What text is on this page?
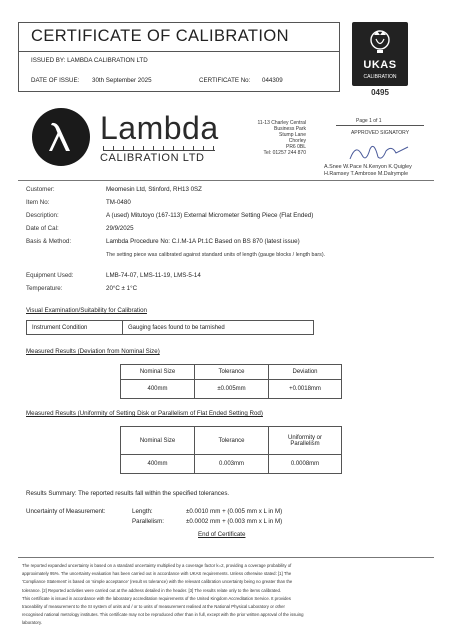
CERTIFICATE OF CALIBRATION
ISSUED BY: LAMBDA CALIBRATION LTD
DATE OF ISSUE: 30th September 2025	CERTIFICATE No: 044309
UKAS
CALIBRATION
0495
Lambda
CALIBRATION LTD
11-13 Charley Central
Business Park
Stump Lane
Chorley
PR6 0BL
Tel: 01257 244 870
Page 1 of 1
APPROVED SIGNATORY
A.Snee W.Pace N.Kenyon K.Quigley
H.Ramsey T.Ambrose M.Dalrymple
Customer:	Meomesin Ltd, Stinford, RH13 0SZ
Item No:	TM-0480
Description:	A (used) Mitutoyo (167-113) External Micrometer Setting Piece (Flat Ended)
Date of Cal:	29/9/2025
Basis & Method:	Lambda Procedure No: C.I.M-1A Pt.1C Based on BS 870 (latest issue)
The setting piece was calibrated against standard units of length (gauge blocks / length bars).
Equipment Used:	LMB-74-07, LMS-11-19, LMS-5-14
Temperature:	20°C ± 1°C
Visual Examination/Suitability for Calibration
Instrument Condition	Gauging faces found to be tarnished
Measured Results (Deviation from Nominal Size)
Nominal Size	Tolerance	Deviation
400mm	±0.005mm	+0.0018mm
Measured Results (Uniformity of Setting Disk or Parallelism of Flat Ended Setting Rod)
Nominal Size	Tolerance	Uniformity or Parallelism
400mm	0.003mm	0.0008mm
Results Summary: The reported results fall within the specified tolerances.
Uncertainty of Measurement:	Length:	±0.0010 mm + (0.005 mm x L in M)
Parallelism:	±0.0002 mm + (0.003 mm x L in M)
End of Certificate
The reported expanded uncertainty is based on a standard uncertainty multiplied by a coverage factor k=2, providing a coverage probability of
approximately 95%. The uncertainty evaluation has been carried out in accordance with UKAS requirements. Unless otherwise stated: [1] The
'Compliance Statement' is based on 'simple acceptance' (result vs tolerance) with the relevant calibration uncertainty being no greater than the
tolerance. [2] Reported activities were carried out at the address detailed in the header. [3] The results relate only to the items calibrated.
This certificate is issued in accordance with the laboratory accreditation requirements of the United Kingdom Accreditation Service. It provides
traceability of measurement to the SI system of units and / or to units of measurement realised at the National Physical Laboratory or other
recognised national metrology institutes. This certificate may not be reproduced other than in full, except with the prior written approval of the issuing
laboratory.
